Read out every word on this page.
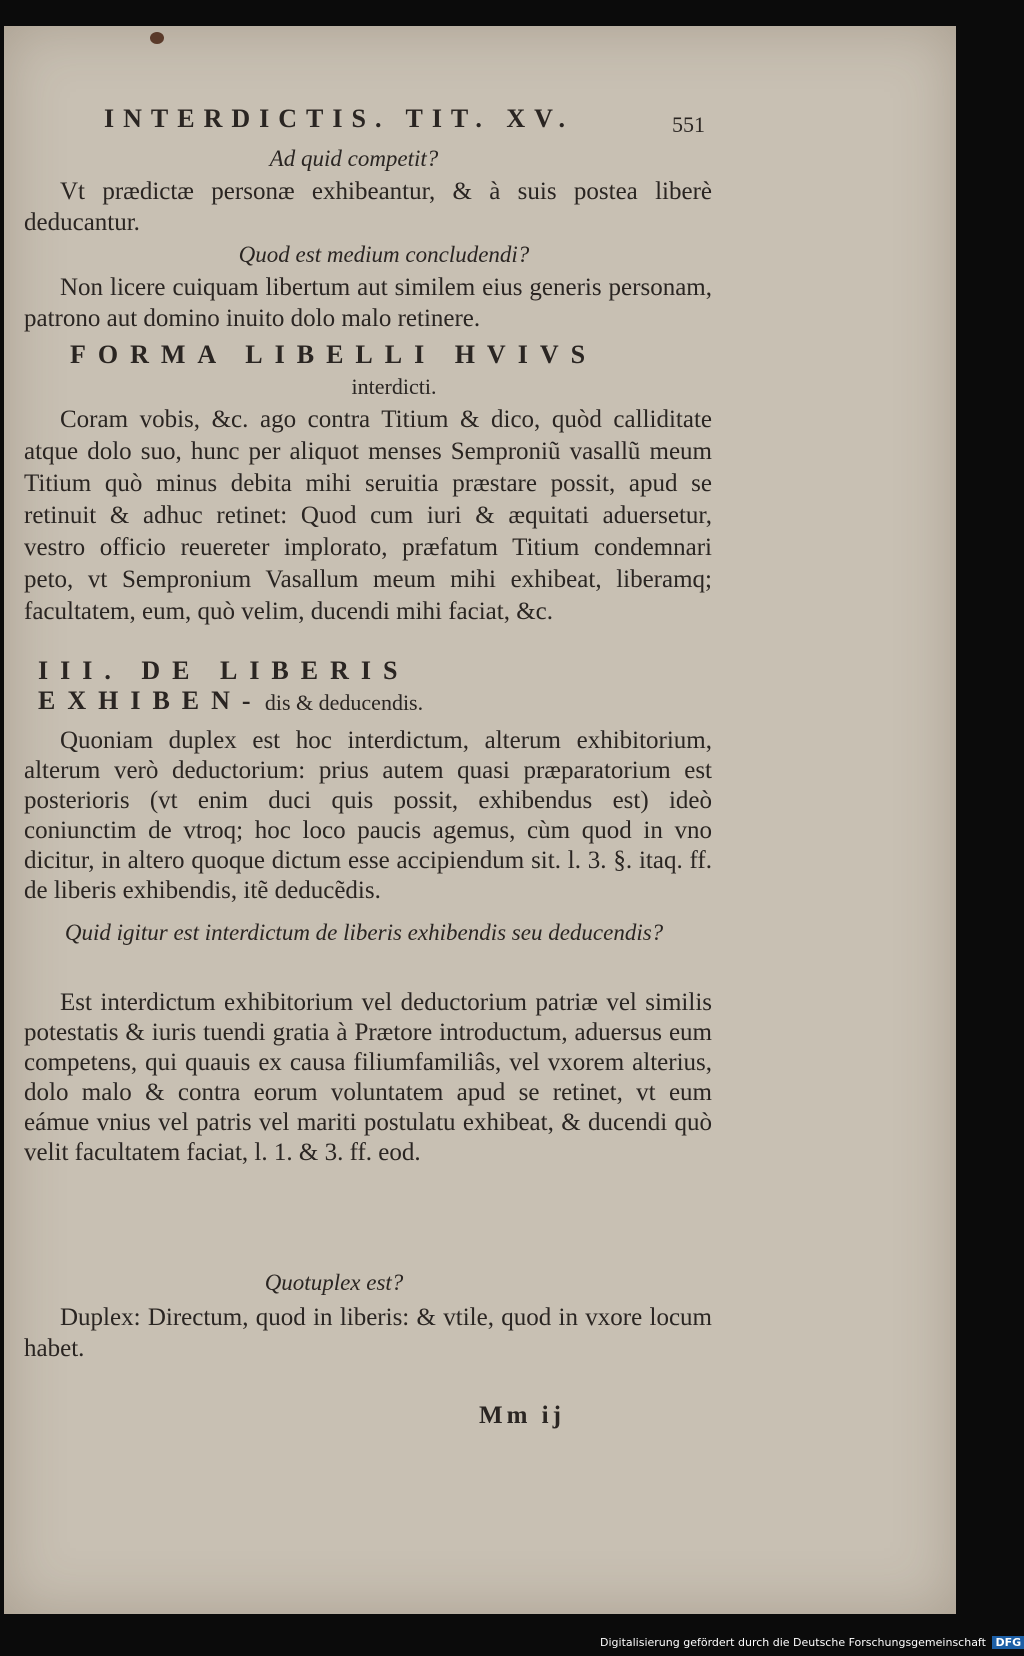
INTERDICTIS. TIT. XV.	551
Ad quid competit?
Vt prædictæ personæ exhibeantur, & à suis postea liberè deducantur.
Quod est medium concludendi?
Non licere cuiquam libertum aut similem eius generis personam, patrono aut domino inuito dolo malo retinere.
FORMA LIBELLI HVIVS
interdicti.
Coram vobis, &c. ago contra Titium & dico, quòd calliditate atque dolo suo, hunc per aliquot menses Semproniũ vasallũ meum Titium quò minus debita mihi seruitia præstare possit, apud se retinuit & adhuc retinet: Quod cum iuri & æquitati aduersetur, vestro officio reuereter implorato, præfatum Titium condemnari peto, vt Sempronium Vasallum meum mihi exhibeat, liberamq; facultatem, eum, quò velim, ducendi mihi faciat, &c.
III. DE LIBERIS EXHIBEN- dis & deducendis.
Quoniam duplex est hoc interdictum, alterum exhibitorium, alterum verò deductorium: prius autem quasi præparatorium est posterioris (vt enim duci quis possit, exhibendus est) ideò coniunctim de vtroq; hoc loco paucis agemus, cùm quod in vno dicitur, in altero quoque dictum esse accipiendum sit. l. 3. §. itaq. ff. de liberis exhibendis, itẽ deducẽdis.
Quid igitur est interdictum de liberis exhibendis seu deducendis?
Est interdictum exhibitorium vel deductorium patriæ vel similis potestatis & iuris tuendi gratia à Prætore introductum, aduersus eum competens, qui quauis ex causa filiumfamiliâs, vel vxorem alterius, dolo malo & contra eorum voluntatem apud se retinet, vt eum eámue vnius vel patris vel mariti postulatu exhibeat, & ducendi quò velit facultatem faciat, l. 1. & 3. ff. eod.
Quotuplex est?
Duplex: Directum, quod in liberis: & vtile, quod in vxore locum habet.
Mm ij
Digitalisierung gefördert durch die Deutsche Forschungsgemeinschaft DFG
